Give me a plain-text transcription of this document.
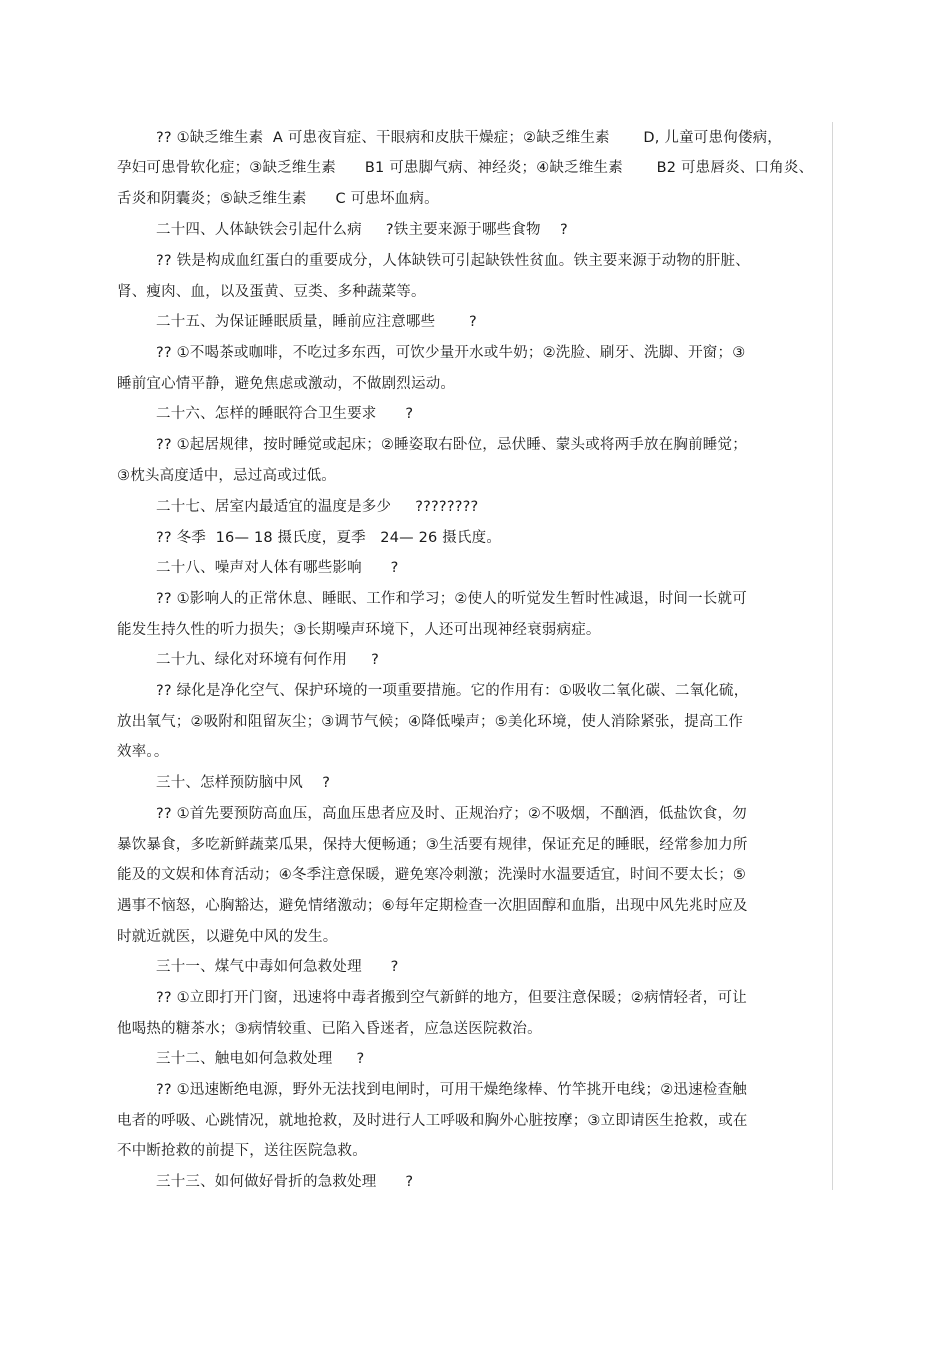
?? ①缺乏维生素  A 可患夜盲症、干眼病和皮肤干燥症；②缺乏维生素       D, 儿童可患佝偻病，
孕妇可患骨软化症；③缺乏维生素      B1 可患脚气病、神经炎；④缺乏维生素       B2 可患唇炎、口角炎、
舌炎和阴囊炎；⑤缺乏维生素      C 可患坏血病。
二十四、人体缺铁会引起什么病     ?铁主要来源于哪些食物    ?
?? 铁是构成血红蛋白的重要成分，人体缺铁可引起缺铁性贫血。铁主要来源于动物的肝脏、
肾、瘦肉、血，以及蛋黄、豆类、多种蔬菜等。
二十五、为保证睡眠质量，睡前应注意哪些       ?
?? ①不喝茶或咖啡，不吃过多东西，可饮少量开水或牛奶；②洗脸、刷牙、洗脚、开窗；③
睡前宜心情平静，避免焦虑或激动，不做剧烈运动。
二十六、怎样的睡眠符合卫生要求      ?
?? ①起居规律，按时睡觉或起床；②睡姿取右卧位，忌伏睡、蒙头或将两手放在胸前睡觉；
③枕头高度适中，忌过高或过低。
二十七、居室内最适宜的温度是多少     ????????
?? 冬季  16— 18 摄氏度，夏季   24— 26 摄氏度。
二十八、噪声对人体有哪些影响      ?
?? ①影响人的正常休息、睡眠、工作和学习；②使人的听觉发生暂时性减退，时间一长就可
能发生持久性的听力损失；③长期噪声环境下，人还可出现神经衰弱病症。
二十九、绿化对环境有何作用     ?
?? 绿化是净化空气、保护环境的一项重要措施。它的作用有：①吸收二氧化碳、二氧化硫，
放出氧气；②吸附和阻留灰尘；③调节气候；④降低噪声；⑤美化环境，使人消除紧张，提高工作
效率。。
三十、怎样预防脑中风    ?
?? ①首先要预防高血压，高血压患者应及时、正规治疗；②不吸烟，不酗酒，低盐饮食，勿
暴饮暴食，多吃新鲜蔬菜瓜果，保持大便畅通；③生活要有规律，保证充足的睡眠，经常参加力所
能及的文娱和体育活动；④冬季注意保暖，避免寒冷刺激；洗澡时水温要适宜，时间不要太长；⑤
遇事不恼怒，心胸豁达，避免情绪激动；⑥每年定期检查一次胆固醇和血脂，出现中风先兆时应及
时就近就医，以避免中风的发生。
三十一、煤气中毒如何急救处理      ?
?? ①立即打开门窗，迅速将中毒者搬到空气新鲜的地方，但要注意保暖；②病情轻者，可让
他喝热的糖茶水；③病情较重、已陷入昏迷者，应急送医院救治。
三十二、触电如何急救处理     ?
?? ①迅速断绝电源，野外无法找到电闸时，可用干燥绝缘棒、竹竿挑开电线；②迅速检查触
电者的呼吸、心跳情况，就地抢救，及时进行人工呼吸和胸外心脏按摩；③立即请医生抢救，或在
不中断抢救的前提下，送往医院急救。
三十三、如何做好骨折的急救处理      ?
